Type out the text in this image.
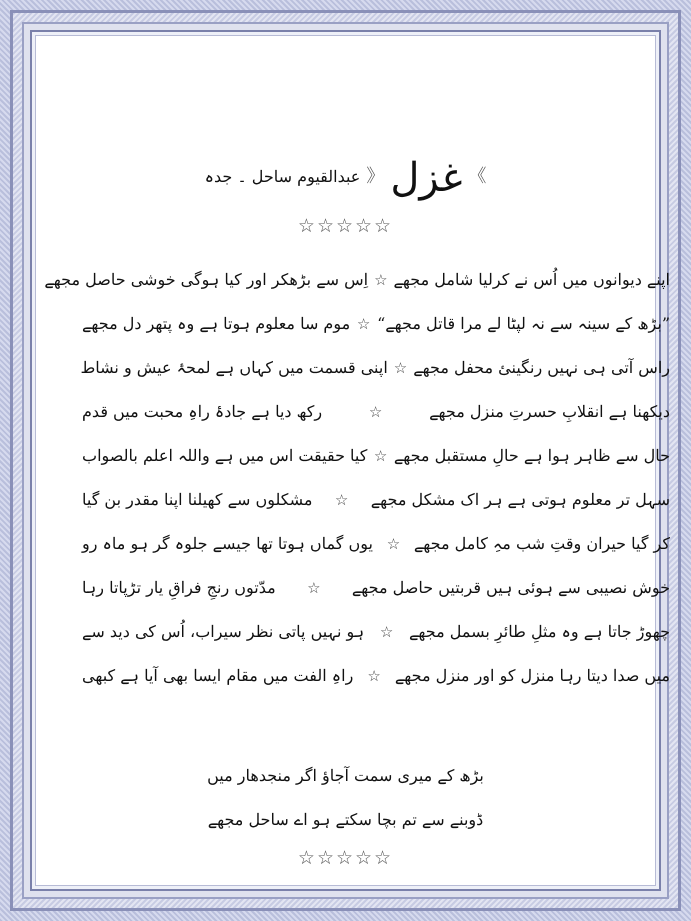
》
غزل
《
عبدالقیوم ساحل ۔ جدہ
☆☆☆☆☆
اپنے دیوانوں میں اُس نے کرلیا شامل مجھے
☆
اِس سے بڑھکر اور کیا ہوگی خوشی حاصل مجھے
”بڑھ کے سینہ سے نہ لپٹا لے مرا قاتل مجھے“
☆
موم سا معلوم ہوتا ہے وہ پتھر دل مجھے
راس آتی ہی نہیں رنگینئ محفل مجھے
☆
اپنی قسمت میں کہاں ہے لمحۂ عیش و نشاط
دیکھنا ہے انقلابِ حسرتِ منزل مجھے
☆
رکھ دیا ہے جادۂ راہِ محبت میں قدم
حال سے ظاہر ہوا ہے حالِ مستقبل مجھے
☆
کیا حقیقت اس میں ہے واللہ اعلم بالصواب
سہل تر معلوم ہوتی ہے ہر اک مشکل مجھے
☆
مشکلوں سے کھیلنا اپنا مقدر بن گیا
کر گیا حیران وقتِ شب مہِ کامل مجھے
☆
یوں گماں ہوتا تھا جیسے جلوہ گر ہو ماہ رو
خوش نصیبی سے ہوئی ہیں قربتیں حاصل مجھے
☆
مدّتوں رنجِ فراقِ یار تڑپاتا رہا
چھوڑ جاتا ہے وہ مثلِ طائرِ بسمل مجھے
☆
ہو نہیں پاتی نظر سیراب، اُس کی دید سے
میں صدا دیتا رہا منزل کو اور منزل مجھے
☆
راہِ الفت میں مقام ایسا بھی آیا ہے کبھی
بڑھ کے میری سمت آجاؤ اگر منجدھار میں
ڈوبنے سے تم بچا سکتے ہو اے ساحل مجھے
☆☆☆☆☆
